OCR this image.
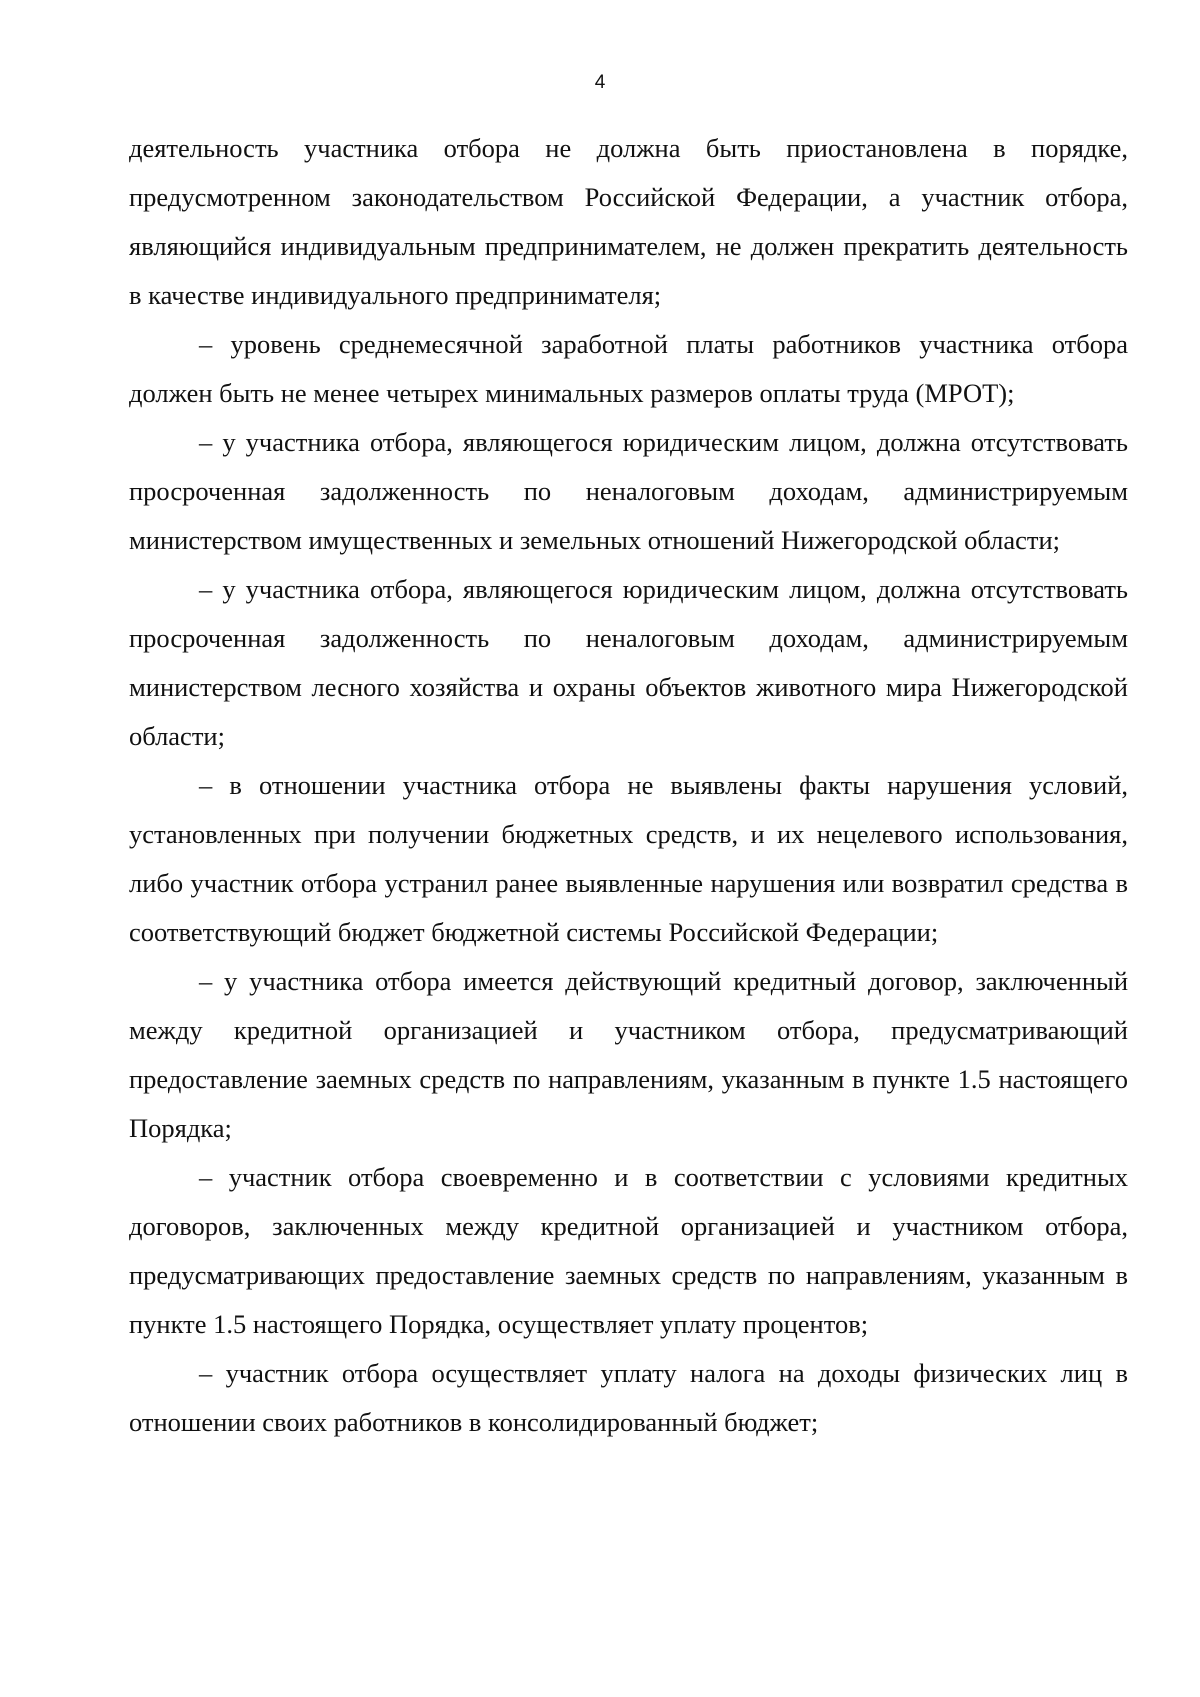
4

деятельность участника отбора не должна быть приостановлена в порядке, предусмотренном законодательством Российской Федерации, а участник отбора, являющийся индивидуальным предпринимателем, не должен прекратить деятельность в качестве индивидуального предпринимателя;

– уровень среднемесячной заработной платы работников участника отбора должен быть не менее четырех минимальных размеров оплаты труда (МРОТ);

– у участника отбора, являющегося юридическим лицом, должна отсутствовать просроченная задолженность по неналоговым доходам, администрируемым министерством имущественных и земельных отношений Нижегородской области;

– у участника отбора, являющегося юридическим лицом, должна отсутствовать просроченная задолженность по неналоговым доходам, администрируемым министерством лесного хозяйства и охраны объектов животного мира Нижегородской области;

– в отношении участника отбора не выявлены факты нарушения условий, установленных при получении бюджетных средств, и их нецелевого использования, либо участник отбора устранил ранее выявленные нарушения или возвратил средства в соответствующий бюджет бюджетной системы Российской Федерации;

– у участника отбора имеется действующий кредитный договор, заключенный между кредитной организацией и участником отбора, предусматривающий предоставление заемных средств по направлениям, указанным в пункте 1.5 настоящего Порядка;

– участник отбора своевременно и в соответствии с условиями кредитных договоров, заключенных между кредитной организацией и участником отбора, предусматривающих предоставление заемных средств по направлениям, указанным в пункте 1.5 настоящего Порядка, осуществляет уплату процентов;

– участник отбора осуществляет уплату налога на доходы физических лиц в отношении своих работников в консолидированный бюджет;
